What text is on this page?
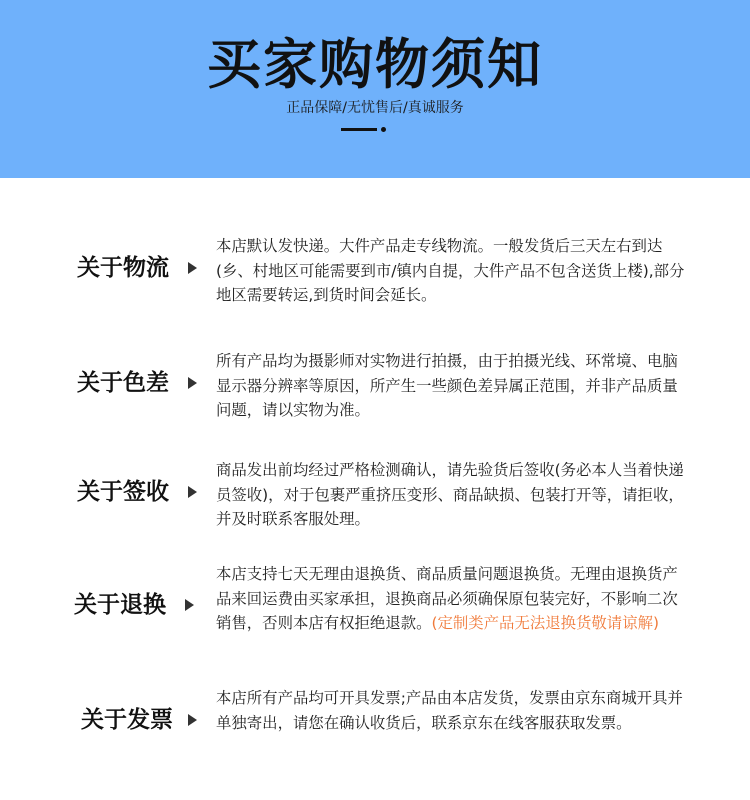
买家购物须知
正品保障/无忧售后/真诚服务
关于物流
本店默认发快递。大件产品走专线物流。一般发货后三天左右到达(乡、村地区可能需要到市/镇内自提，大件产品不包含送货上楼),部分地区需要转运,到货时间会延长。
关于色差
所有产品均为摄影师对实物进行拍摄，由于拍摄光线、环常境、电脑显示器分辨率等原因，所产生一些颜色差异属正范围，并非产品质量问题，请以实物为准。
关于签收
商品发出前均经过严格检测确认，请先验货后签收(务必本人当着快递员签收)，对于包裹严重挤压变形、商品缺损、包装打开等，请拒收，并及时联系客服处理。
关于退换
本店支持七天无理由退换货、商品质量问题退换货。无理由退换货产品来回运费由买家承担，退换商品必须确保原包装完好，不影响二次销售，否则本店有权拒绝退款。(定制类产品无法退换货敬请谅解)
关于发票
本店所有产品均可开具发票;产品由本店发货，发票由京东商城开具并单独寄出，请您在确认收货后，联系京东在线客服获取发票。
